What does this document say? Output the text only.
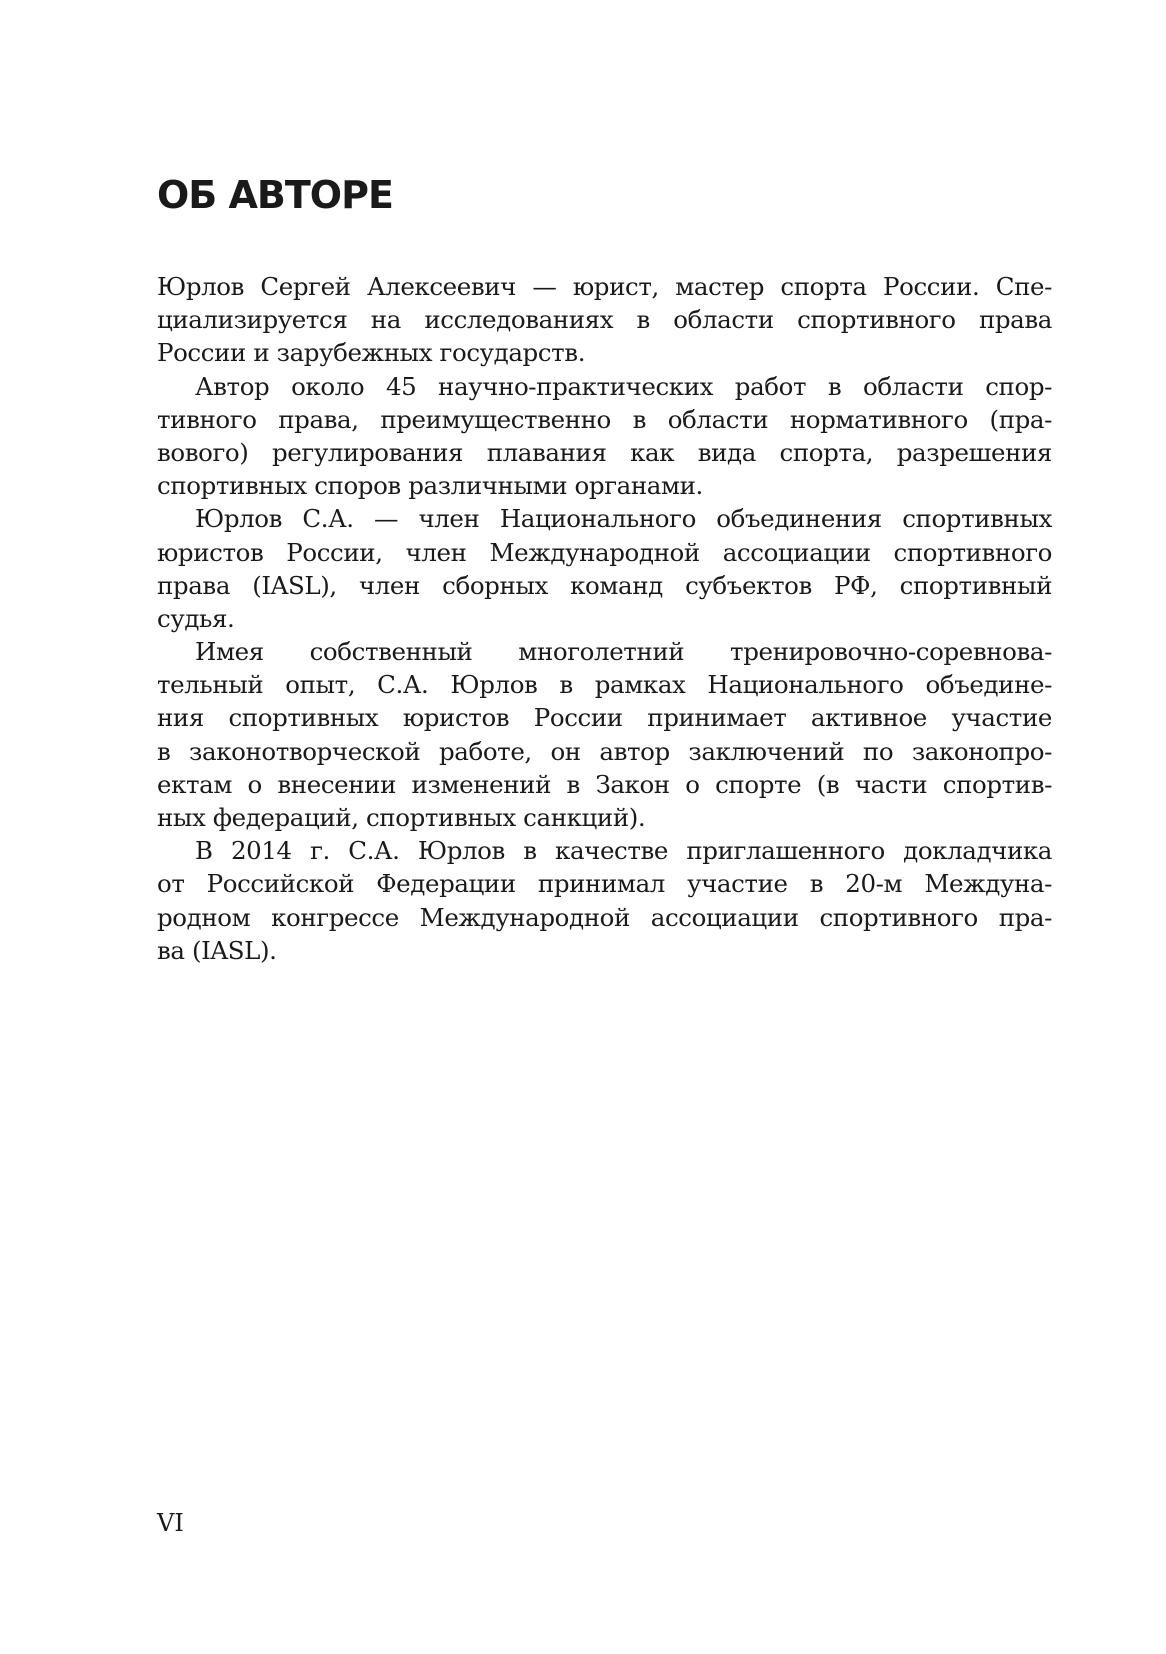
ОБ АВТОРЕ
Юрлов Сергей Алексеевич — юрист, мастер спорта России. Спе-
циализируется на исследованиях в области спортивного права
России и зарубежных государств.
Автор около 45 научно-практических работ в области спор-
тивного права, преимущественно в области нормативного (пра-
вового) регулирования плавания как вида спорта, разрешения
спортивных споров различными органами.
Юрлов С.А. — член Национального объединения спортивных
юристов России, член Международной ассоциации спортивного
права (IASL), член сборных команд субъектов РФ, спортивный
судья.
Имея собственный многолетний тренировочно-соревнова-
тельный опыт, С.А. Юрлов в рамках Национального объедине-
ния спортивных юристов России принимает активное участие
в законотворческой работе, он автор заключений по законопро-
ектам о внесении изменений в Закон о спорте (в части спортив-
ных федераций, спортивных санкций).
В 2014 г. С.А. Юрлов в качестве приглашенного докладчика
от Российской Федерации принимал участие в 20-м Междуна-
родном конгрессе Международной ассоциации спортивного пра-
ва (IASL).
VI
